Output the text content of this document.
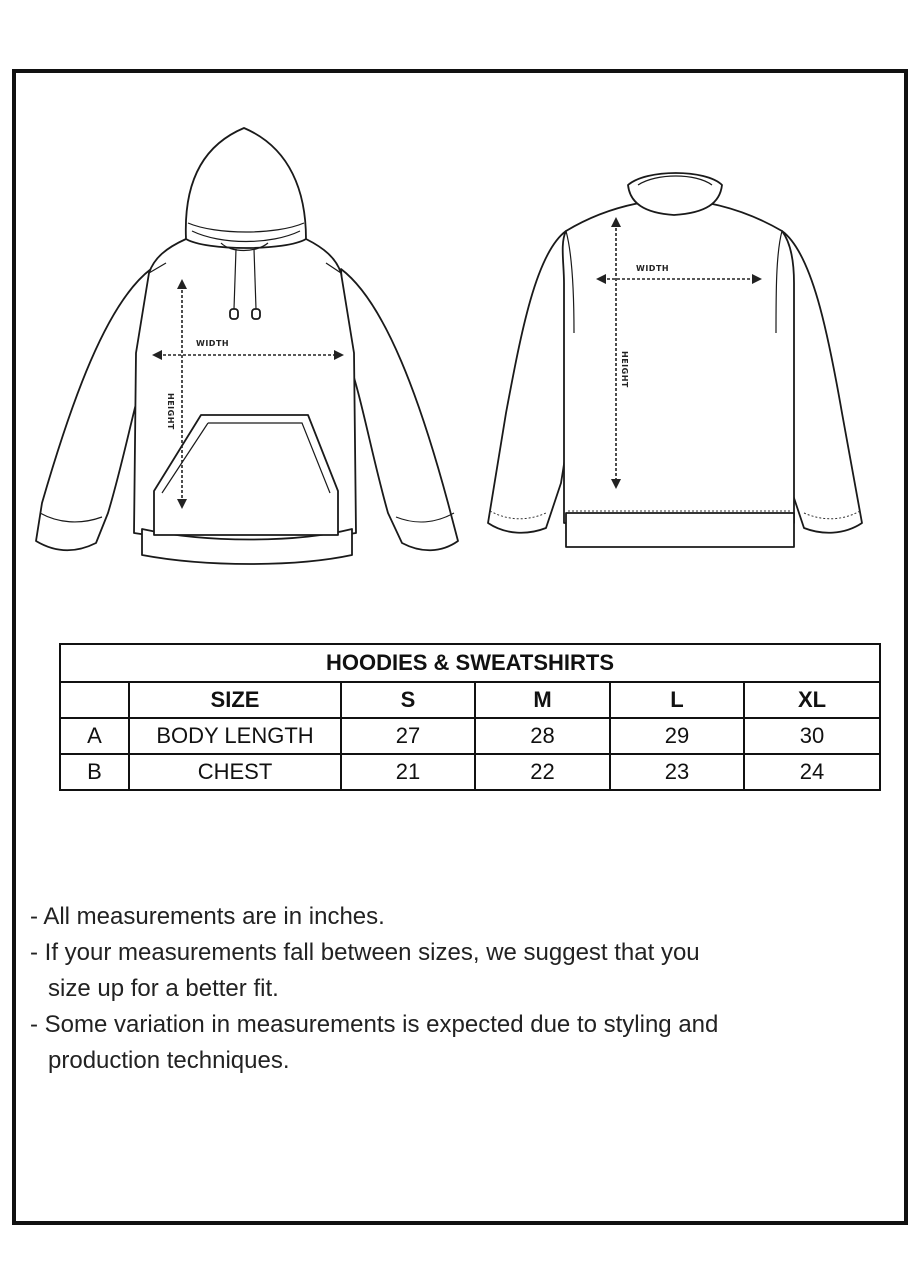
WIDTH
HEIGHT
WIDTH
HEIGHT
HOODIES & SWEATSHIRTS					
	SIZE	S	M	L	XL
A	BODY LENGTH	27	28	29	30
B	CHEST	21	22	23	24

- All measurements are in inches.

- If your measurements fall between sizes, we suggest that you size up for a better fit.

- Some variation in measurements is expected due to styling and production techniques.
